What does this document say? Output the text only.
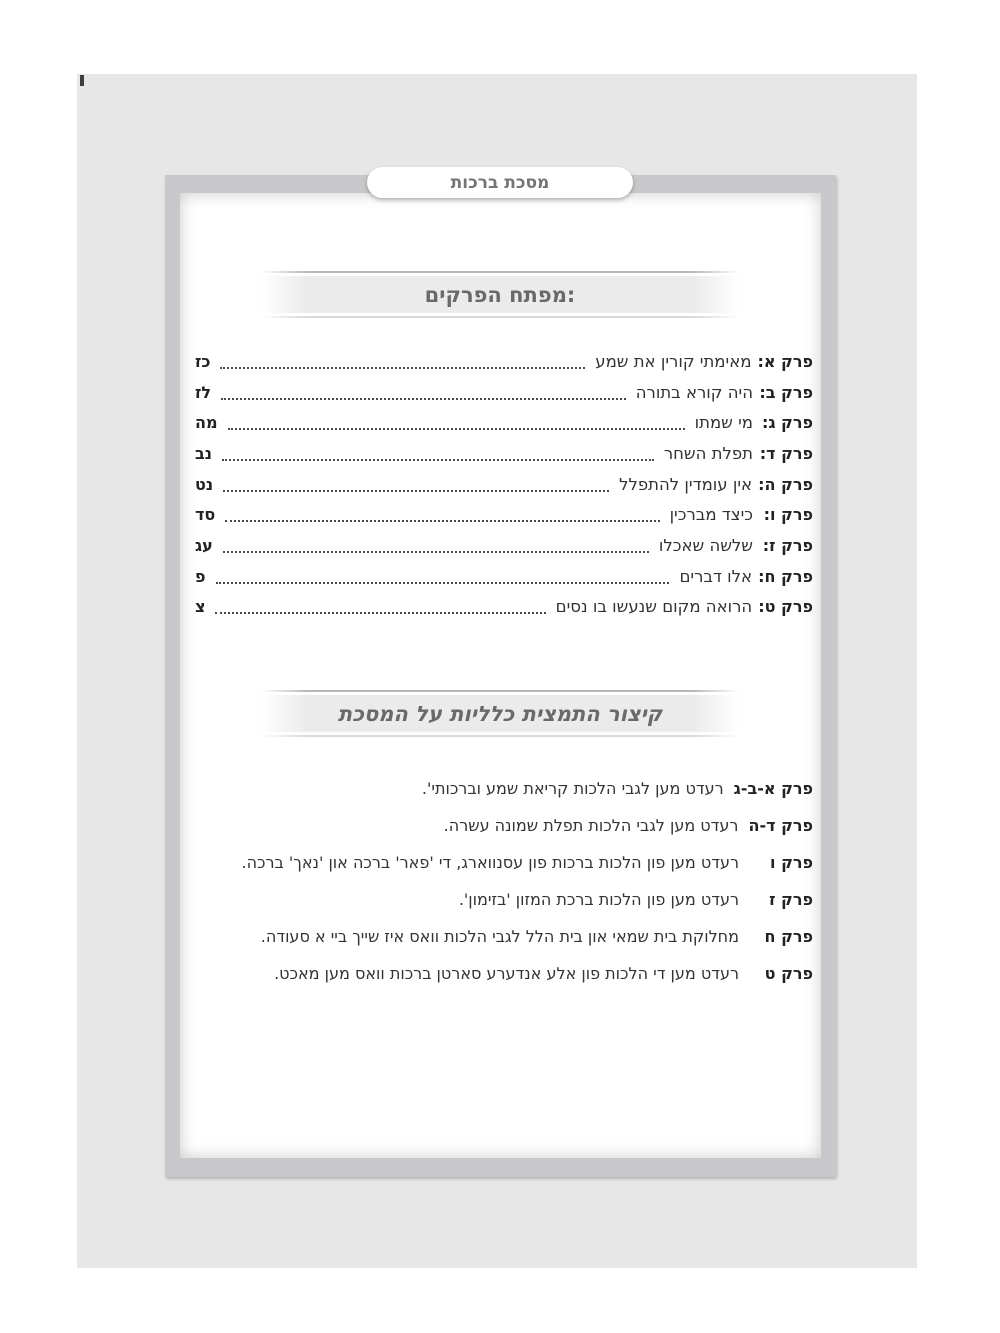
מסכת ברכות
מפתח הפרקים:
פרק א:
מאימתי קורין את שמע
כז
פרק ב:
היה קורא בתורה
לז
פרק ג:
מי שמתו
מה
פרק ד:
תפלת השחר
נב
פרק ה:
אין עומדין להתפלל
נט
פרק ו:
כיצד מברכין
סד
פרק ז:
שלשה שאכלו
עג
פרק ח:
אלו דברים
פ
פרק ט:
הרואה מקום שנעשו בו נסים
צ
קיצור התמצית כלליות על המסכת
פרק א-ב-ג
רעדט מען לגבי הלכות קריאת שמע וברכותי'.
פרק ד-ה
רעדט מען לגבי הלכות תפלת שמונה עשרה.
פרק ו
רעדט מען פון הלכות ברכות פון עסנווארג, די 'פאר' ברכה און 'נאך' ברכה.
פרק ז
רעדט מען פון הלכות ברכת המזון 'בזימון'.
פרק ח
מחלוקת בית שמאי און בית הלל לגבי הלכות וואס איז שייך ביי א סעודה.
פרק ט
רעדט מען די הלכות פון אלע אנדערע סארטן ברכות וואס מען מאכט.
